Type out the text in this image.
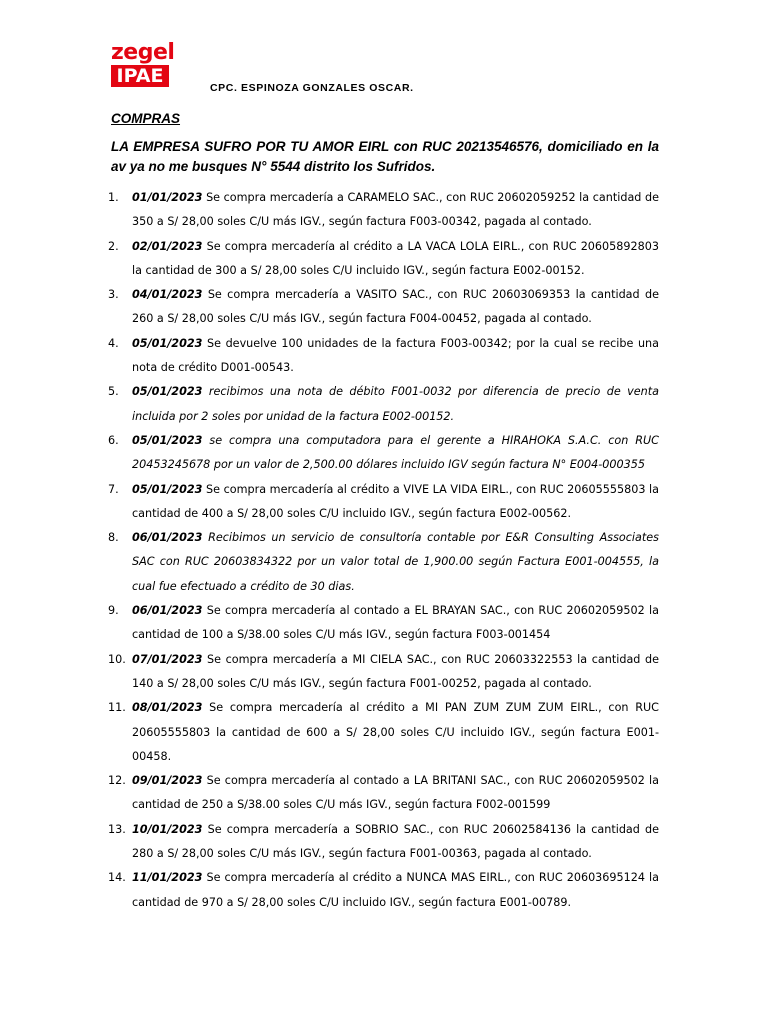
zegel
IPAE
CPC. ESPINOZA GONZALES OSCAR.
COMPRAS
LA EMPRESA SUFRO POR TU AMOR EIRL con RUC 20213546576, domiciliado en la av ya no me busques N° 5544 distrito los Sufridos.
1. 01/01/2023 Se compra mercadería a CARAMELO SAC., con RUC 20602059252 la cantidad de 350 a S/ 28,00 soles C/U más IGV., según factura F003-00342, pagada al contado.
2. 02/01/2023 Se compra mercadería al crédito a LA VACA LOLA EIRL., con RUC 20605892803 la cantidad de 300 a S/ 28,00 soles C/U incluido IGV., según factura E002-00152.
3. 04/01/2023 Se compra mercadería a VASITO SAC., con RUC 20603069353 la cantidad de 260 a S/ 28,00 soles C/U más IGV., según factura F004-00452, pagada al contado.
4. 05/01/2023 Se devuelve 100 unidades de la factura F003-00342; por la cual se recibe una nota de crédito D001-00543.
5. 05/01/2023 recibimos una nota de débito F001-0032 por diferencia de precio de venta incluida por 2 soles por unidad de la factura E002-00152.
6. 05/01/2023 se compra una computadora para el gerente a HIRAHOKA S.A.C. con RUC 20453245678 por un valor de 2,500.00 dólares incluido IGV según factura N° E004-000355
7. 05/01/2023 Se compra mercadería al crédito a VIVE LA VIDA EIRL., con RUC 20605555803 la cantidad de 400 a S/ 28,00 soles C/U incluido IGV., según factura E002-00562.
8. 06/01/2023 Recibimos un servicio de consultoría contable por E&R Consulting Associates SAC con RUC 20603834322 por un valor total de 1,900.00 según Factura E001-004555, la cual fue efectuado a crédito de 30 dias.
9. 06/01/2023 Se compra mercadería al contado a EL BRAYAN SAC., con RUC 20602059502 la cantidad de 100 a S/38.00 soles C/U más IGV., según factura F003-001454
10. 07/01/2023 Se compra mercadería a MI CIELA SAC., con RUC 20603322553 la cantidad de 140 a S/ 28,00 soles C/U más IGV., según factura F001-00252, pagada al contado.
11. 08/01/2023 Se compra mercadería al crédito a MI PAN ZUM ZUM ZUM EIRL., con RUC 20605555803 la cantidad de 600 a S/ 28,00 soles C/U incluido IGV., según factura E001-00458.
12. 09/01/2023 Se compra mercadería al contado a LA BRITANI SAC., con RUC 20602059502 la cantidad de 250 a S/38.00 soles C/U más IGV., según factura F002-001599
13. 10/01/2023 Se compra mercadería a SOBRIO SAC., con RUC 20602584136 la cantidad de 280 a S/ 28,00 soles C/U más IGV., según factura F001-00363, pagada al contado.
14. 11/01/2023 Se compra mercadería al crédito a NUNCA MAS EIRL., con RUC 20603695124 la cantidad de 970 a S/ 28,00 soles C/U incluido IGV., según factura E001-00789.
